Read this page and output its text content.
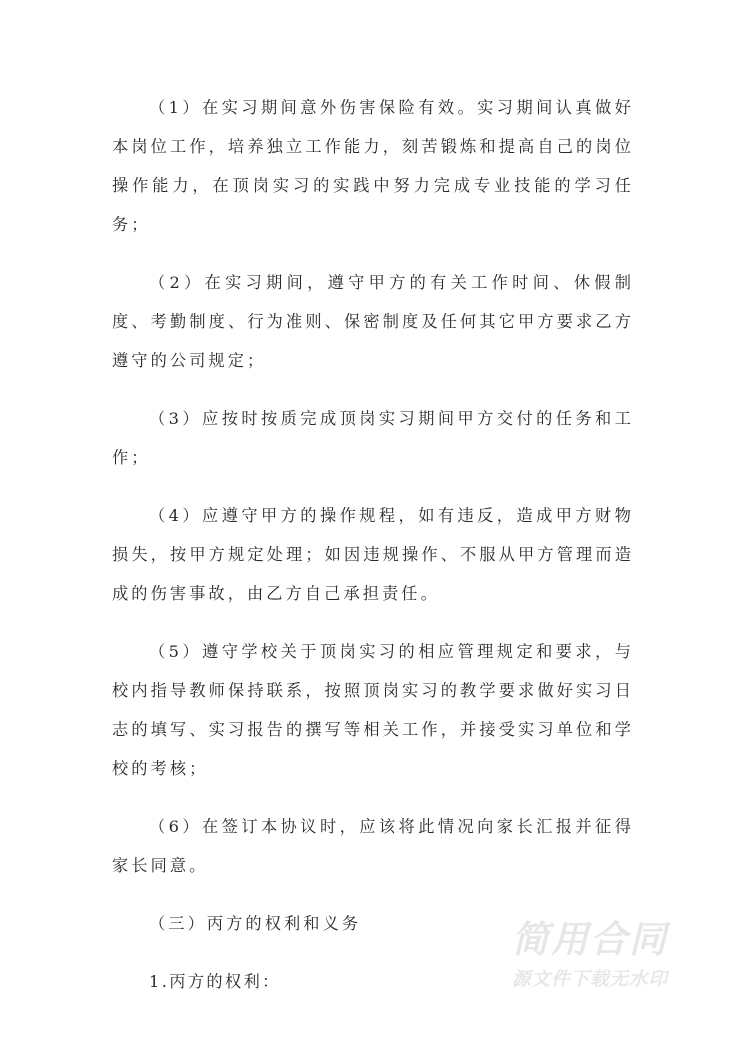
（1）在实习期间意外伤害保险有效。实习期间认真做好本岗位工作，培养独立工作能力，刻苦锻炼和提高自己的岗位操作能力，在顶岗实习的实践中努力完成专业技能的学习任务；

（2）在实习期间，遵守甲方的有关工作时间、休假制度、考勤制度、行为准则、保密制度及任何其它甲方要求乙方遵守的公司规定；

（3）应按时按质完成顶岗实习期间甲方交付的任务和工作；

（4）应遵守甲方的操作规程，如有违反，造成甲方财物损失，按甲方规定处理；如因违规操作、不服从甲方管理而造成的伤害事故，由乙方自己承担责任。

（5）遵守学校关于顶岗实习的相应管理规定和要求，与校内指导教师保持联系，按照顶岗实习的教学要求做好实习日志的填写、实习报告的撰写等相关工作，并接受实习单位和学校的考核；

（6）在签订本协议时，应该将此情况向家长汇报并征得家长同意。

（三）丙方的权利和义务

1.丙方的权利：

简用合同
源文件下载无水印
